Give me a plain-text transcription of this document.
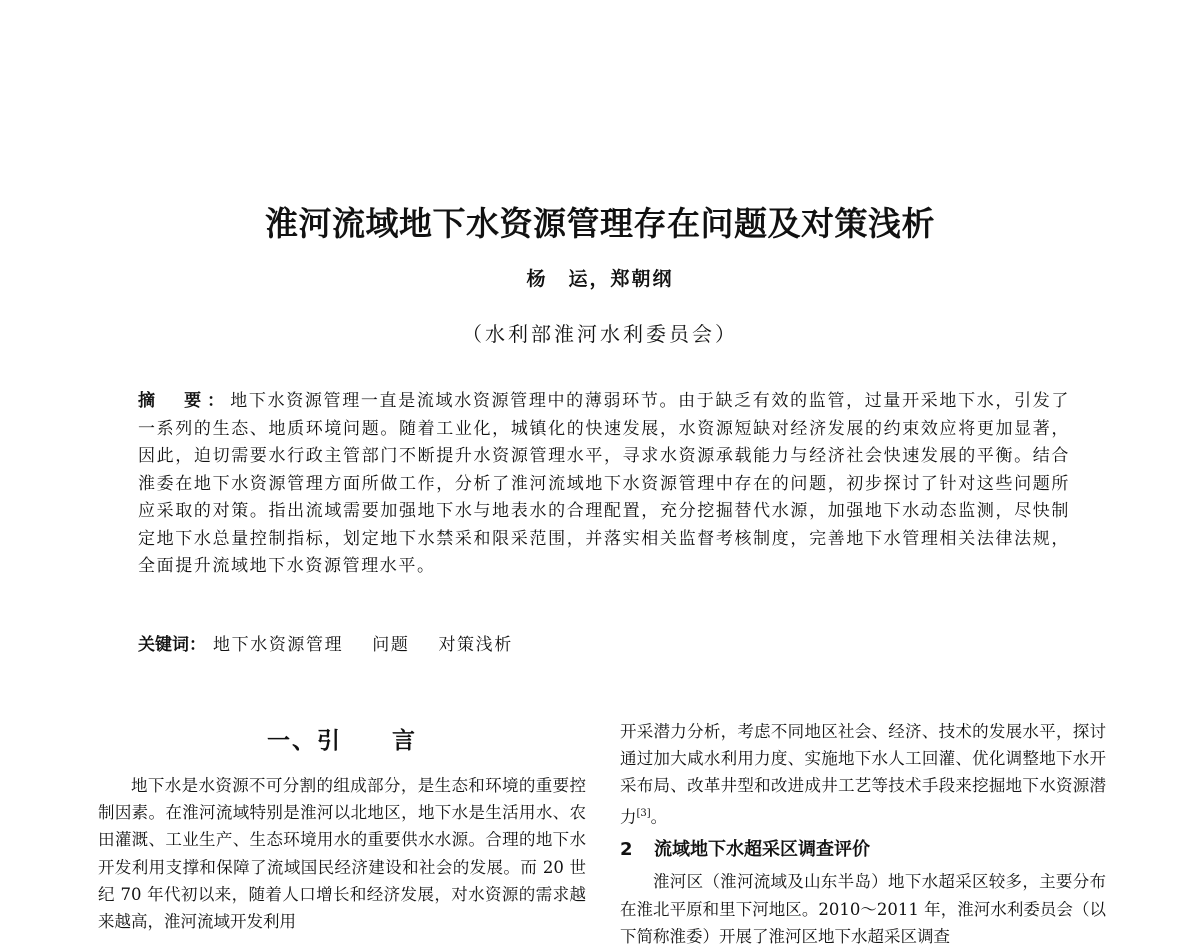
淮河流域地下水资源管理存在问题及对策浅析
杨　运，郑朝纲
（水利部淮河水利委员会）
摘　要：地下水资源管理一直是流域水资源管理中的薄弱环节。由于缺乏有效的监管，过量开采地下水，引发了一系列的生态、地质环境问题。随着工业化，城镇化的快速发展，水资源短缺对经济发展的约束效应将更加显著，因此，迫切需要水行政主管部门不断提升水资源管理水平，寻求水资源承载能力与经济社会快速发展的平衡。结合淮委在地下水资源管理方面所做工作，分析了淮河流域地下水资源管理中存在的问题，初步探讨了针对这些问题所应采取的对策。指出流域需要加强地下水与地表水的合理配置，充分挖掘替代水源，加强地下水动态监测，尽快制定地下水总量控制指标，划定地下水禁采和限采范围，并落实相关监督考核制度，完善地下水管理相关法律法规，全面提升流域地下水资源管理水平。
关键词： 地下水资源管理 问题 对策浅析
一、引 言

地下水是水资源不可分割的组成部分，是生态和环境的重要控制因素。在淮河流域特别是淮河以北地区，地下水是生活用水、农田灌溉、工业生产、生态环境用水的重要供水水源。合理的地下水开发利用支撑和保障了流域国民经济建设和社会的发展。而 20 世纪 70 年代初以来，随着人口增长和经济发展，对水资源的需求越来越高，淮河流域开发利用

开采潜力分析，考虑不同地区社会、经济、技术的发展水平，探讨通过加大咸水利用力度、实施地下水人工回灌、优化调整地下水开采布局、改革井型和改进成井工艺等技术手段来挖掘地下水资源潜力[3]。

2 流域地下水超采区调查评价

淮河区（淮河流域及山东半岛）地下水超采区较多，主要分布在淮北平原和里下河地区。2010～2011 年，淮河水利委员会（以下简称淮委）开展了淮河区地下水超采区调查
